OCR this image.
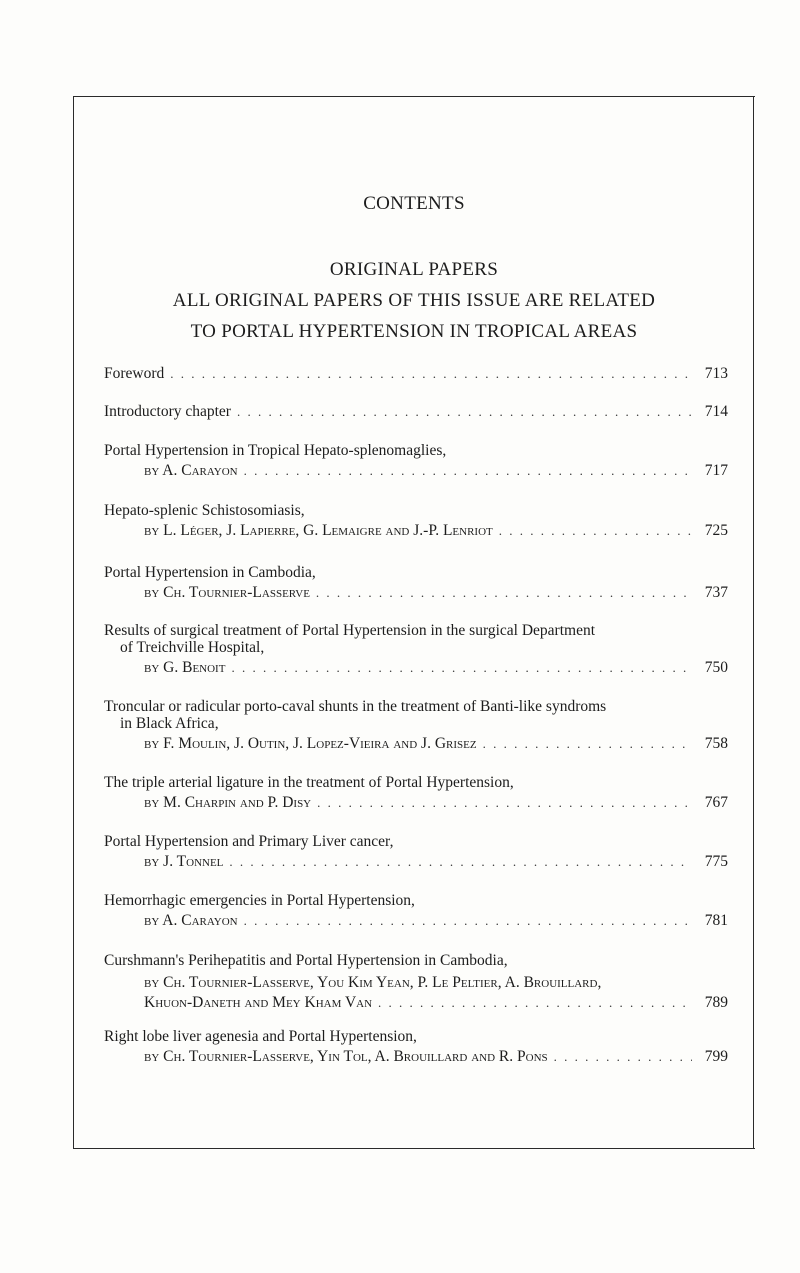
CONTENTS
ORIGINAL PAPERS
ALL ORIGINAL PAPERS OF THIS ISSUE ARE RELATED
TO PORTAL HYPERTENSION IN TROPICAL AREAS
Foreword . . .	713
Introductory chapter . . .	714
Portal Hypertension in Tropical Hepato-splenomaglies,
by A. Carayon . . .	717
Hepato-splenic Schistosomiasis,
by L. Léger, J. Lapierre, G. Lemaigre and J.-P. Lenriot . . .	725
Portal Hypertension in Cambodia,
by Ch. Tournier-Lasserve . . .	737
Results of surgical treatment of Portal Hypertension in the surgical Department
of Treichville Hospital,
by G. Benoit . . .	750
Troncular or radicular porto-caval shunts in the treatment of Banti-like syndroms
in Black Africa,
by F. Moulin, J. Outin, J. Lopez-Vieira and J. Grisez . . .	758
The triple arterial ligature in the treatment of Portal Hypertension,
by M. Charpin and P. Disy . . .	767
Portal Hypertension and Primary Liver cancer,
by J. Tonnel . . .	775
Hemorrhagic emergencies in Portal Hypertension,
by A. Carayon . . .	781
Curshmann's Perihepatitis and Portal Hypertension in Cambodia,
by Ch. Tournier-Lasserve, You Kim Yean, P. Le Peltier, A. Brouillard,
Khuon-Daneth and Mey Kham Van . . .	789
Right lobe liver agenesia and Portal Hypertension,
by Ch. Tournier-Lasserve, Yin Tol, A. Brouillard and R. Pons . . .	799
